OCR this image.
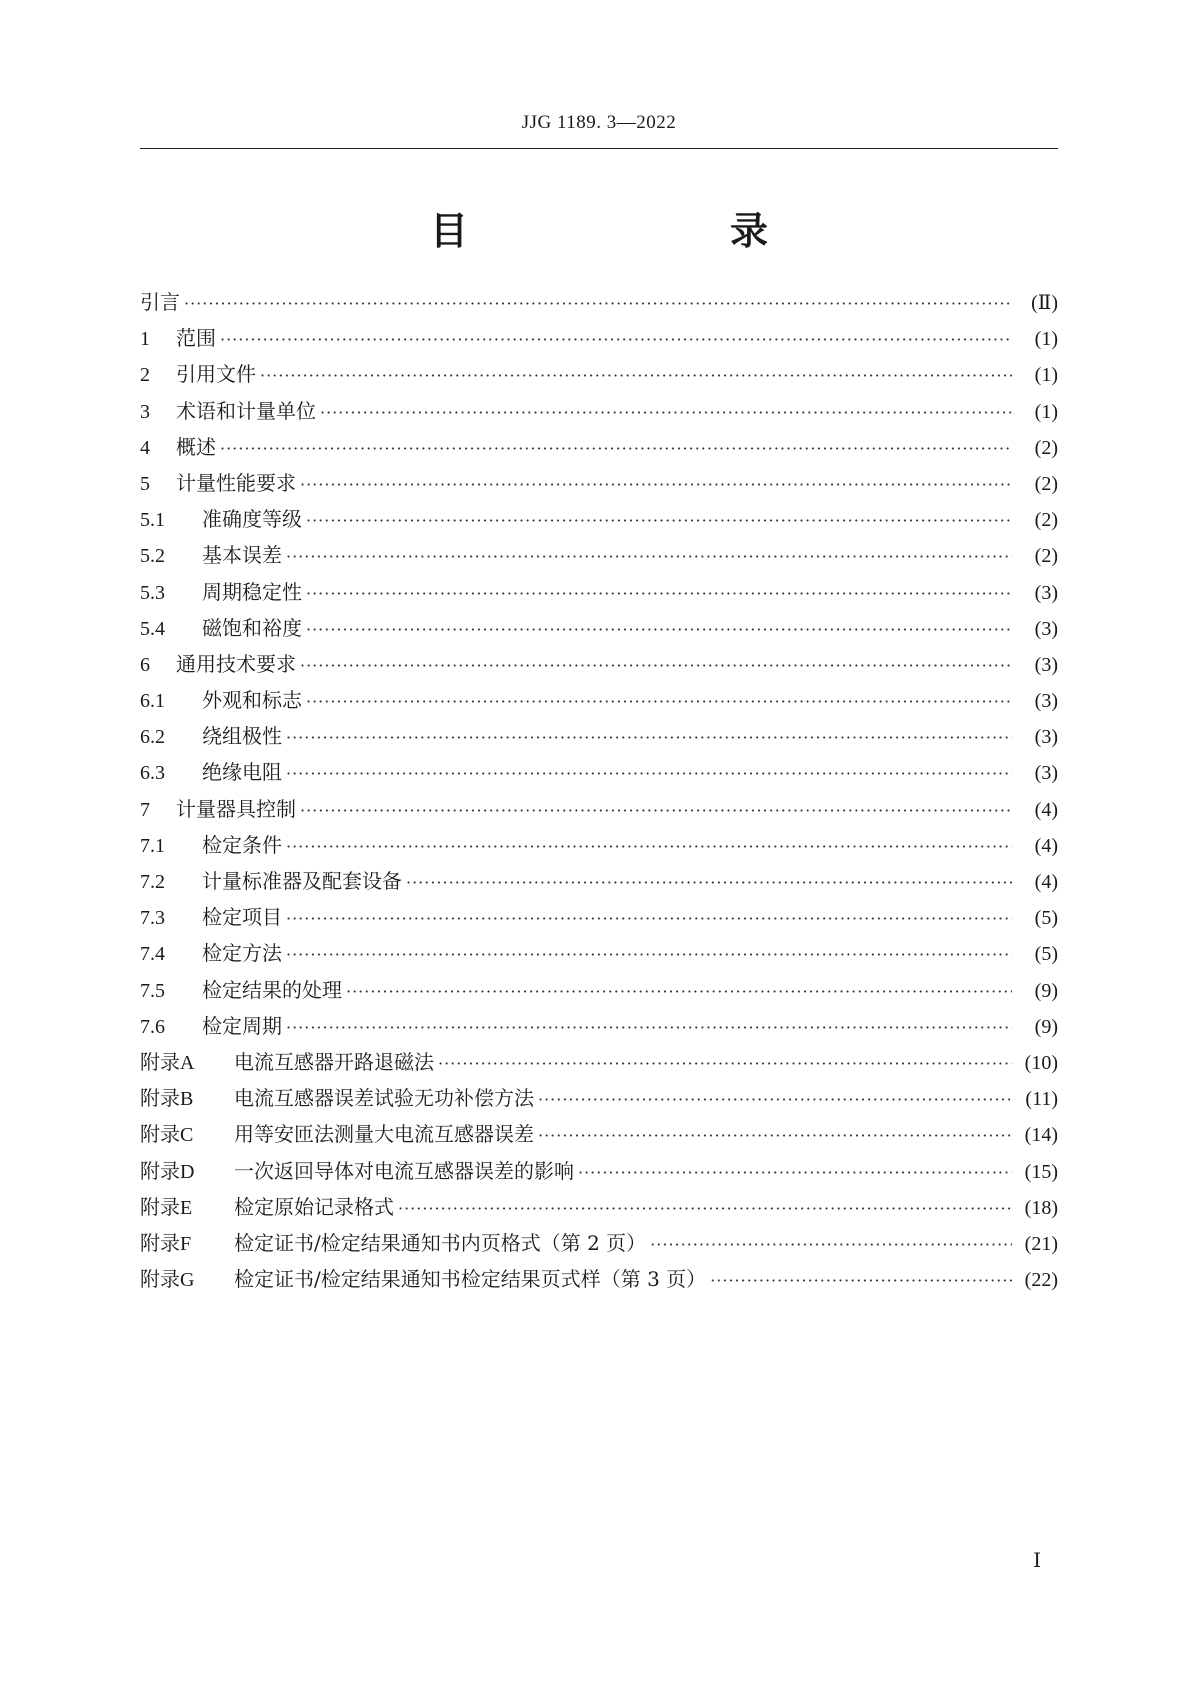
JJG 1189. 3—2022
目　　录
引言 ·····	(Ⅱ)
1	范围 ·····	(1)
2	引用文件 ·····	(1)
3	术语和计量单位 ·····	(1)
4	概述 ·····	(2)
5	计量性能要求 ·····	(2)
5.1	准确度等级 ·····	(2)
5.2	基本误差 ·····	(2)
5.3	周期稳定性 ·····	(3)
5.4	磁饱和裕度 ·····	(3)
6	通用技术要求 ·····	(3)
6.1	外观和标志 ·····	(3)
6.2	绕组极性 ·····	(3)
6.3	绝缘电阻 ·····	(3)
7	计量器具控制 ·····	(4)
7.1	检定条件 ·····	(4)
7.2	计量标准器及配套设备 ·····	(4)
7.3	检定项目 ·····	(5)
7.4	检定方法 ·····	(5)
7.5	检定结果的处理 ·····	(9)
7.6	检定周期 ·····	(9)
附录A	电流互感器开路退磁法 ·····	(10)
附录B	电流互感器误差试验无功补偿方法 ·····	(11)
附录C	用等安匝法测量大电流互感器误差 ·····	(14)
附录D	一次返回导体对电流互感器误差的影响 ·····	(15)
附录E	检定原始记录格式 ·····	(18)
附录F	检定证书/检定结果通知书内页格式（第 2 页） ·····	(21)
附录G	检定证书/检定结果通知书检定结果页式样（第 3 页） ·····	(22)
Ⅰ
